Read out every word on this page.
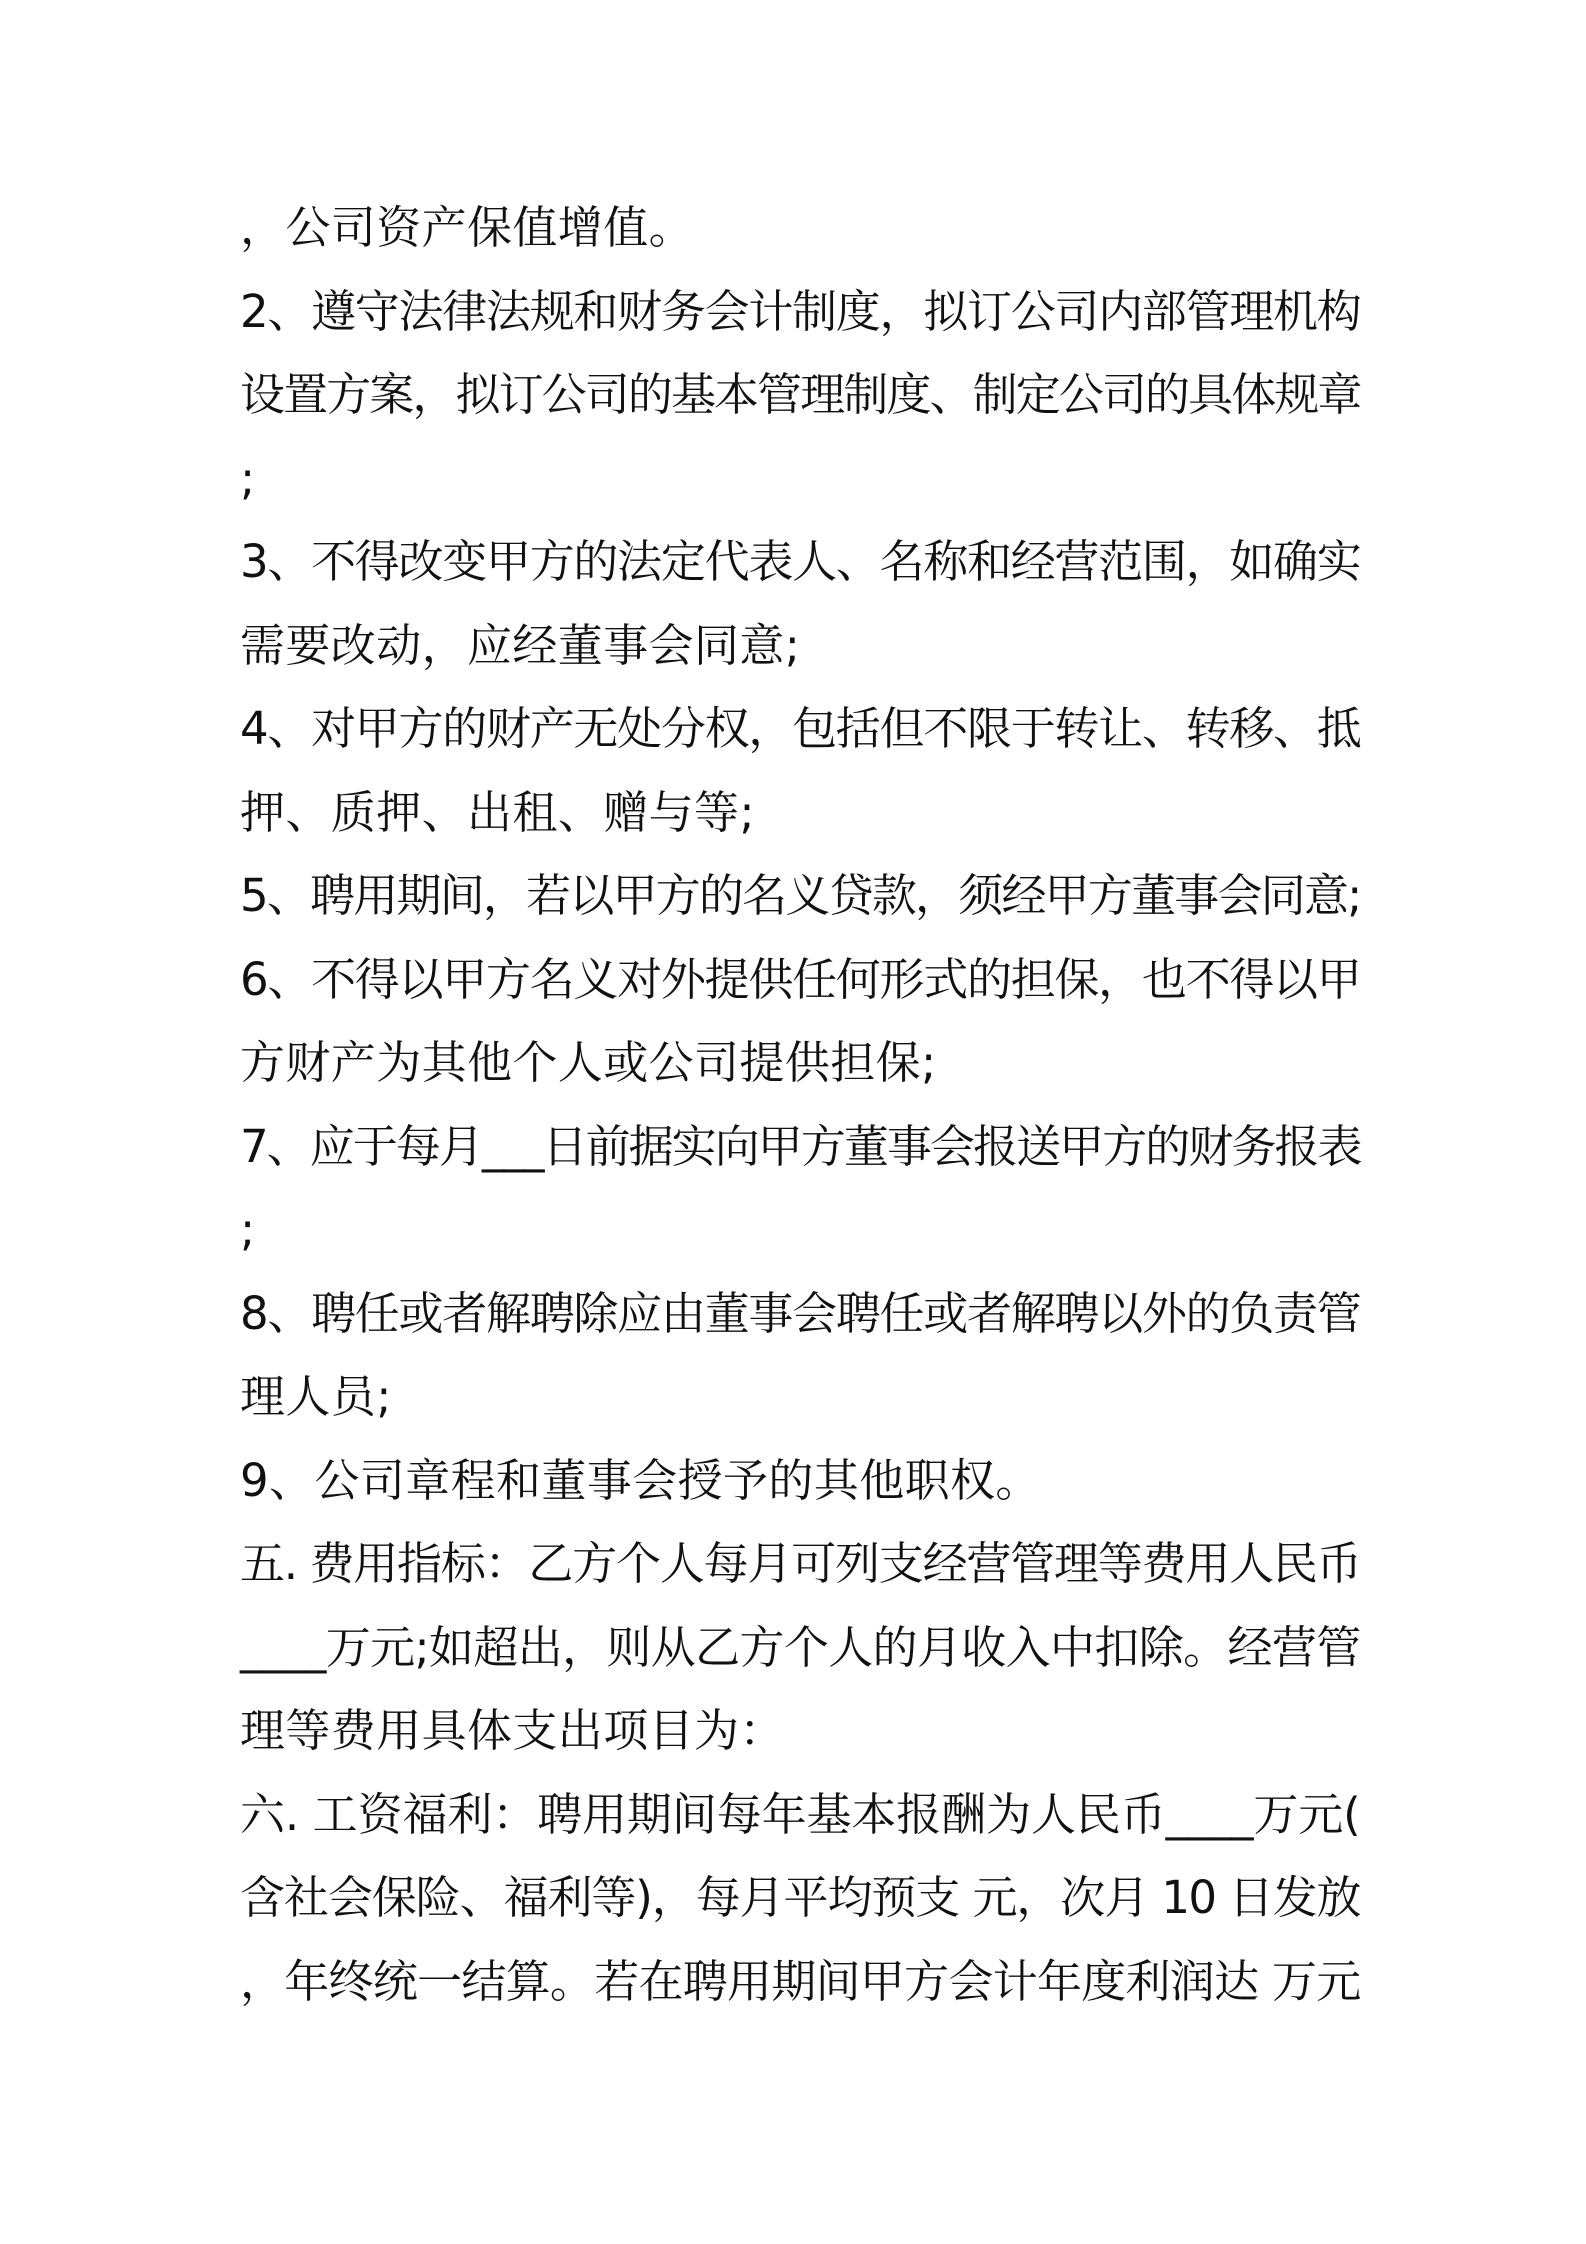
，公司资产保值增值。
2、遵守法律法规和财务会计制度，拟订公司内部管理机构
设置方案，拟订公司的基本管理制度、制定公司的具体规章
;
3、不得改变甲方的法定代表人、名称和经营范围，如确实
需要改动，应经董事会同意;
4、对甲方的财产无处分权，包括但不限于转让、转移、抵
押、质押、出租、赠与等;
5、聘用期间，若以甲方的名义贷款，须经甲方董事会同意;
6、不得以甲方名义对外提供任何形式的担保，也不得以甲
方财产为其他个人或公司提供担保;
7、应于每月___日前据实向甲方董事会报送甲方的财务报表
;
8、聘任或者解聘除应由董事会聘任或者解聘以外的负责管
理人员;
9、公司章程和董事会授予的其他职权。
五. 费用指标：乙方个人每月可列支经营管理等费用人民币
____万元;如超出，则从乙方个人的月收入中扣除。经营管
理等费用具体支出项目为：
六. 工资福利：聘用期间每年基本报酬为人民币____万元(
含社会保险、福利等)，每月平均预支 元，次月 10 日发放
，年终统一结算。若在聘用期间甲方会计年度利润达 万元
